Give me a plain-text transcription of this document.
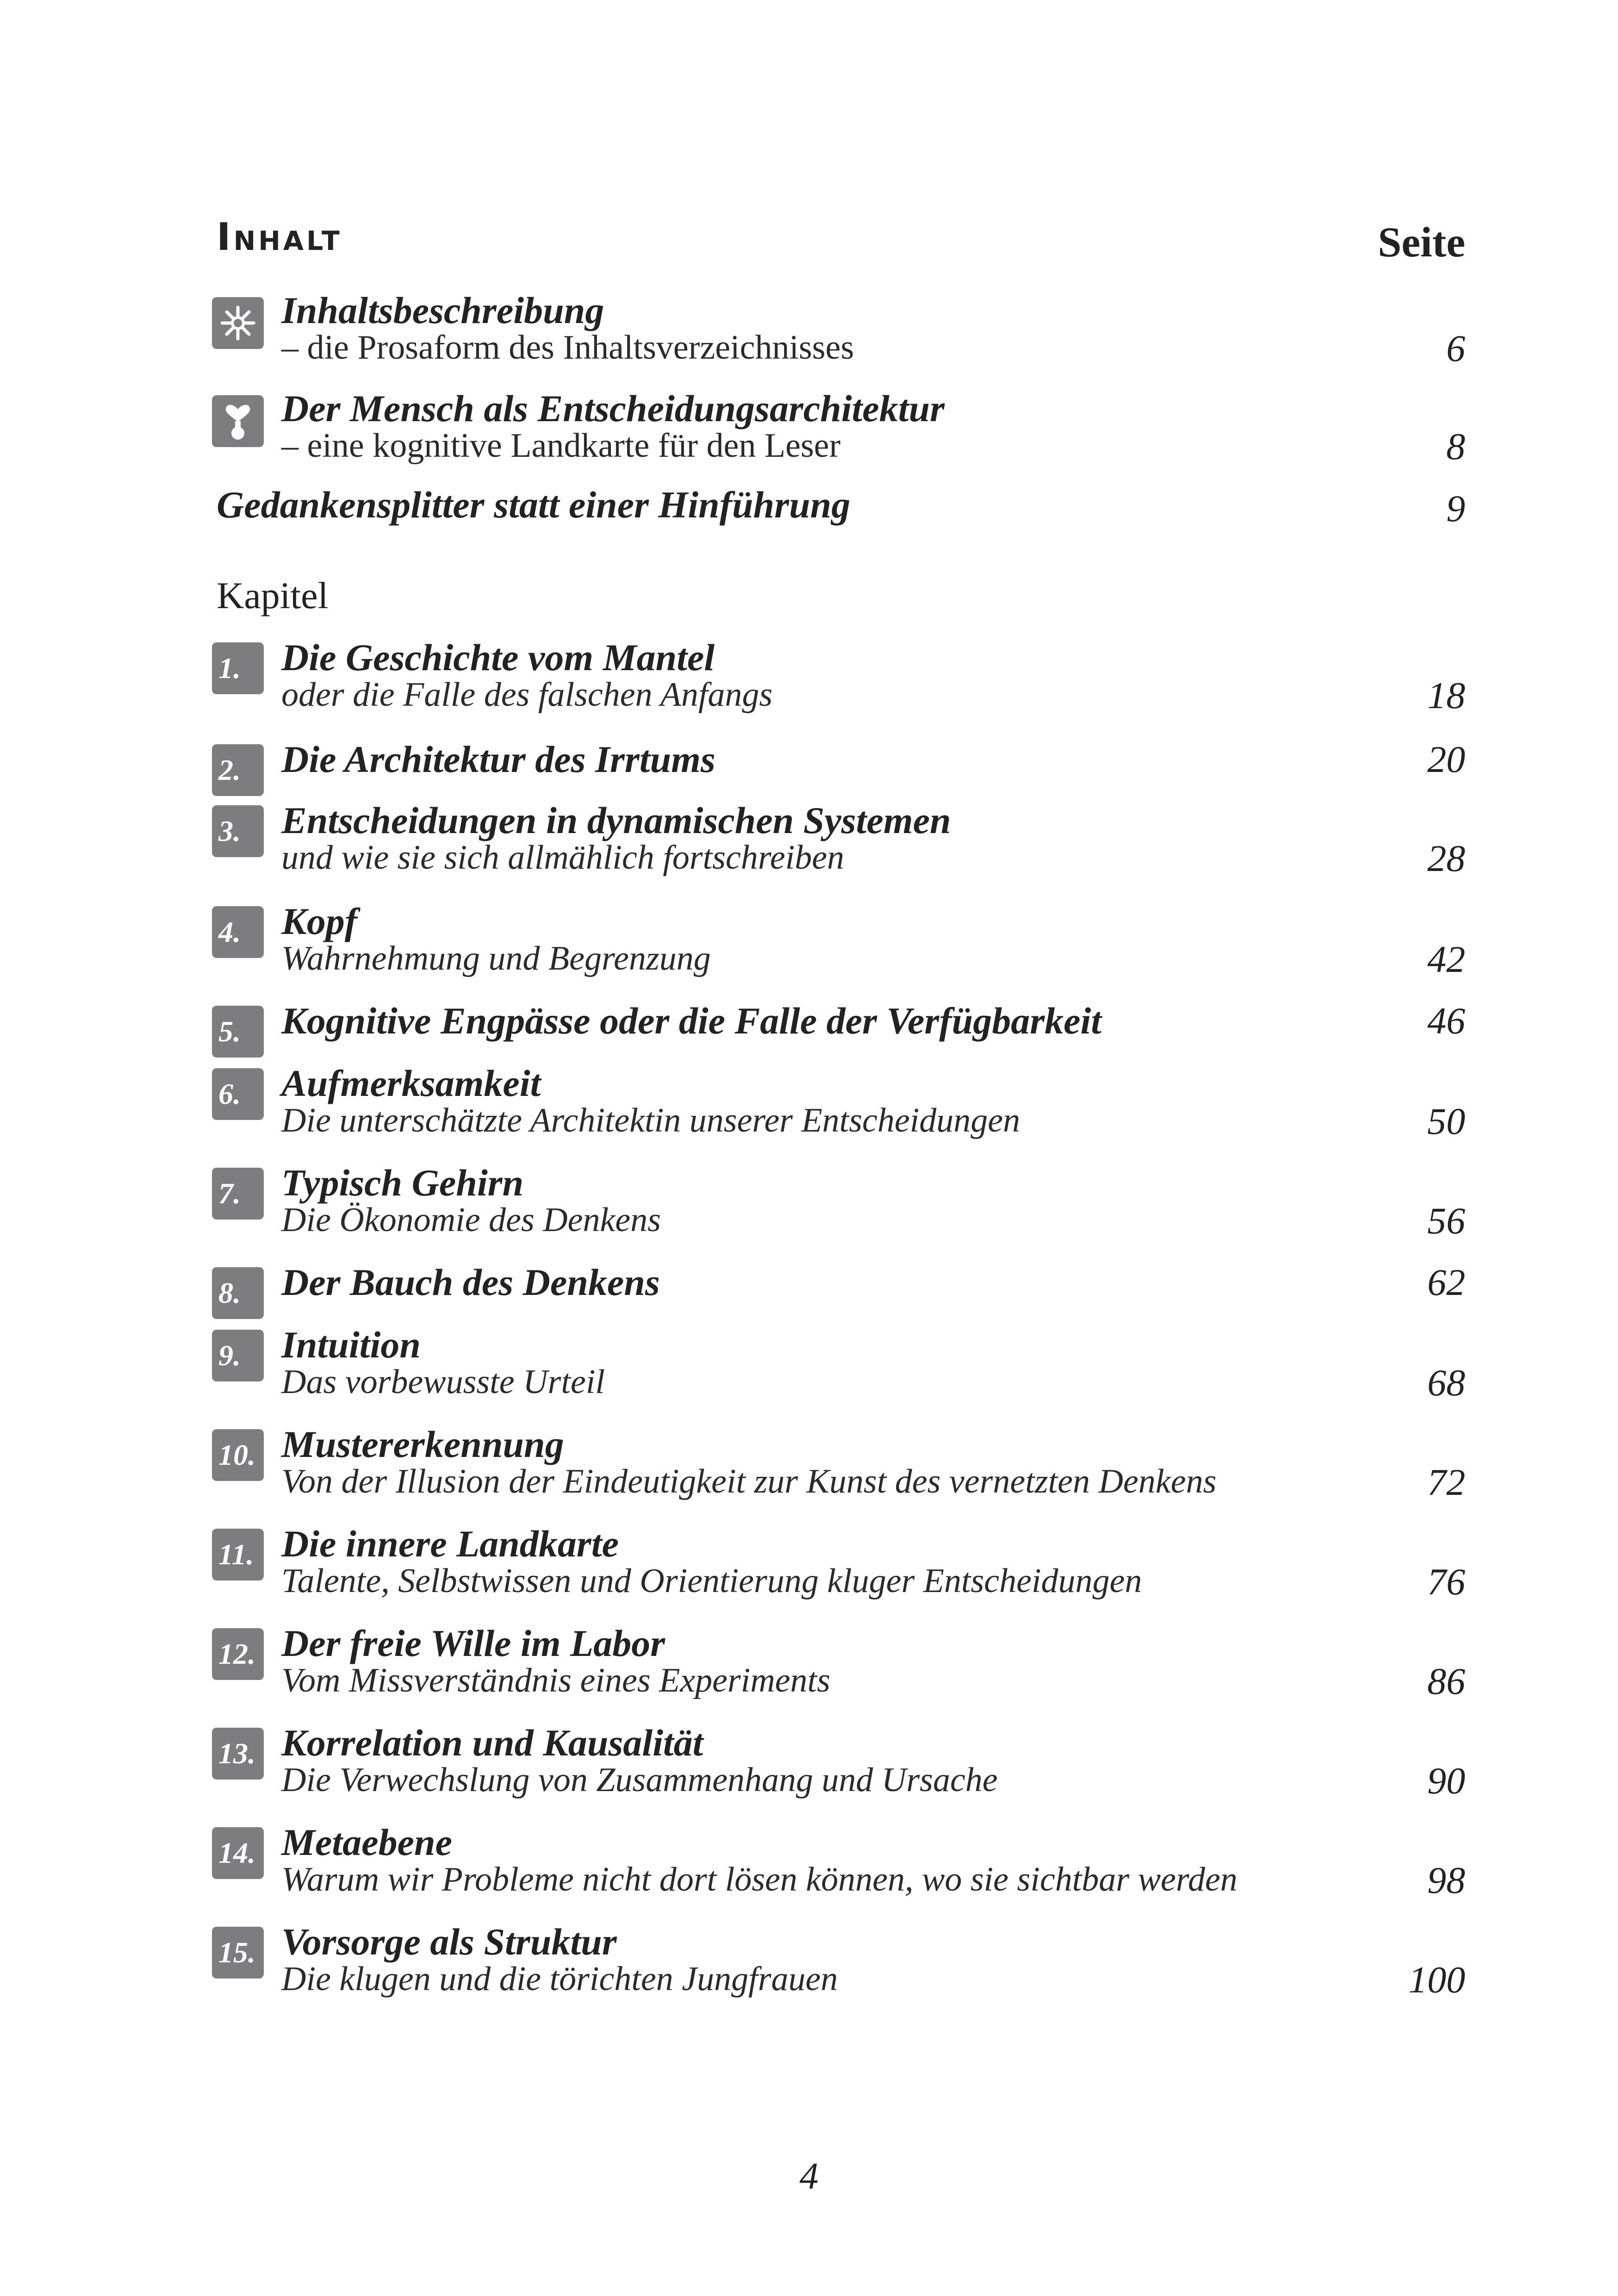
Inhalt	Seite
Inhaltsbeschreibung
– die Prosaform des Inhaltsverzeichnisses	6
Der Mensch als Entscheidungsarchitektur
– eine kognitive Landkarte für den Leser	8
Gedankensplitter statt einer Hinführung	9
Kapitel
1. Die Geschichte vom Mantel
oder die Falle des falschen Anfangs	18
2. Die Architektur des Irrtums	20
3. Entscheidungen in dynamischen Systemen
und wie sie sich allmählich fortschreiben	28
4. Kopf
Wahrnehmung und Begrenzung	42
5. Kognitive Engpässe oder die Falle der Verfügbarkeit	46
6. Aufmerksamkeit
Die unterschätzte Architektin unserer Entscheidungen	50
7. Typisch Gehirn
Die Ökonomie des Denkens	56
8. Der Bauch des Denkens	62
9. Intuition
Das vorbewusste Urteil	68
10. Mustererkennung
Von der Illusion der Eindeutigkeit zur Kunst des vernetzten Denkens	72
11. Die innere Landkarte
Talente, Selbstwissen und Orientierung kluger Entscheidungen	76
12. Der freie Wille im Labor
Vom Missverständnis eines Experiments	86
13. Korrelation und Kausalität
Die Verwechslung von Zusammenhang und Ursache	90
14. Metaebene
Warum wir Probleme nicht dort lösen können, wo sie sichtbar werden	98
15. Vorsorge als Struktur
Die klugen und die törichten Jungfrauen	100
4
